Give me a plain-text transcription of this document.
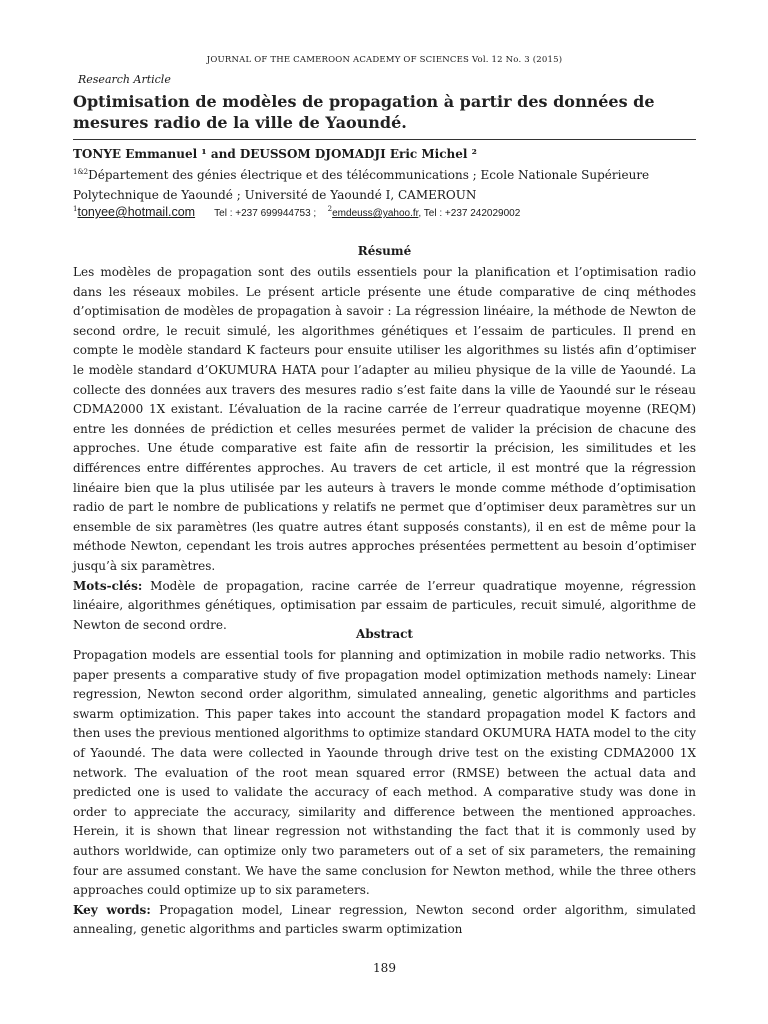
JOURNAL OF THE CAMEROON ACADEMY OF SCIENCES Vol. 12 No. 3 (2015)
Research Article
Optimisation de modèles de propagation à partir des données de mesures radio de la ville de Yaoundé.
TONYE Emmanuel ¹ and DEUSSOM DJOMADJI Eric Michel ²
$^{1\&2}$Département des génies électrique et des télécommunications ; Ecole Nationale Supérieure Polytechnique de Yaoundé ; Université de Yaoundé I, CAMEROUN
$^1$tonyee@hotmail.com Tel : +237 699944753 ; $^2$emdeuss@yahoo.fr, Tel : +237 242029002
Résumé
Les modèles de propagation sont des outils essentiels pour la planification et l’optimisation radio dans les réseaux mobiles. Le présent article présente une étude comparative de cinq méthodes d’optimisation de modèles de propagation à savoir : La régression linéaire, la méthode de Newton de second ordre, le recuit simulé, les algorithmes génétiques et l’essaim de particules. Il prend en compte le modèle standard K facteurs pour ensuite utiliser les algorithmes su listés afin d’optimiser le modèle standard d’OKUMURA HATA pour l’adapter au milieu physique de la ville de Yaoundé. La collecte des données aux travers des mesures radio s’est faite dans la ville de Yaoundé sur le réseau CDMA2000 1X existant. L’évaluation de la racine carrée de l’erreur quadratique moyenne (REQM) entre les données de prédiction et celles mesurées permet de valider la précision de chacune des approches. Une étude comparative est faite afin de ressortir la précision, les similitudes et les différences entre différentes approches. Au travers de cet article, il est montré que la régression linéaire bien que la plus utilisée par les auteurs à travers le monde comme méthode d’optimisation radio de part le nombre de publications y relatifs ne permet que d’optimiser deux paramètres sur un ensemble de six paramètres (les quatre autres étant supposés constants), il en est de même pour la méthode Newton, cependant les trois autres approches présentées permettent au besoin d’optimiser jusqu’à six paramètres.
Mots-clés: Modèle de propagation, racine carrée de l’erreur quadratique moyenne, régression linéaire, algorithmes génétiques, optimisation par essaim de particules, recuit simulé, algorithme de Newton de second ordre.
Abstract
Propagation models are essential tools for planning and optimization in mobile radio networks. This paper presents a comparative study of five propagation model optimization methods namely: Linear regression, Newton second order algorithm, simulated annealing, genetic algorithms and particles swarm optimization. This paper takes into account the standard propagation model K factors and then uses the previous mentioned algorithms to optimize standard OKUMURA HATA model to the city of Yaoundé. The data were collected in Yaounde through drive test on the existing CDMA2000 1X network. The evaluation of the root mean squared error (RMSE) between the actual data and predicted one is used to validate the accuracy of each method. A comparative study was done in order to appreciate the accuracy, similarity and difference between the mentioned approaches. Herein, it is shown that linear regression not withstanding the fact that it is commonly used by authors worldwide, can optimize only two parameters out of a set of six parameters, the remaining four are assumed constant. We have the same conclusion for Newton method, while the three others approaches could optimize up to six parameters.
Key words: Propagation model, Linear regression, Newton second order algorithm, simulated annealing, genetic algorithms and particles swarm optimization
189
